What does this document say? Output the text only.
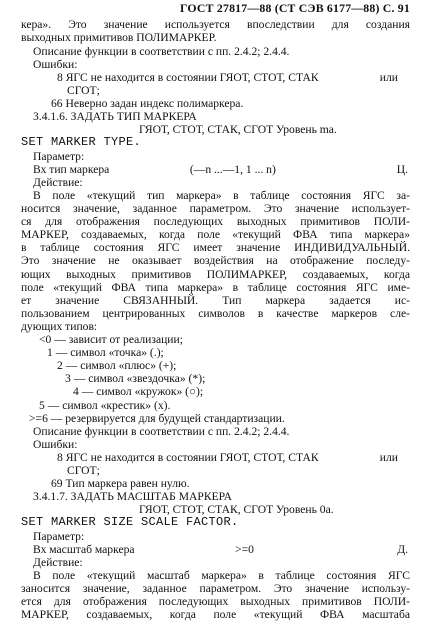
ГОСТ 27817—88 (СТ СЭВ 6177—88) С. 91
кера». Это значение используется впоследствии для создания
выходных примитивов ПОЛИМАРКЕР.
Описание функции в соответствии с пп. 2.4.2; 2.4.4.
Ошибки:
8 ЯГС не находится в состоянии ГЯОТ, СТОТ, СТАК	или
СГОТ;
66 Неверно задан индекс полимаркера.
3.4.1.6. ЗАДАТЬ ТИП МАРКЕРА
ГЯОТ, СТОТ, СТАК, СГОТ Уровень ma.
SET MARKER TYPE.
Параметр:
Вх тип маркера	(—n ...—1, 1 ... n)	Ц.
Действие:
В поле «текущий тип маркера» в таблице состояния ЯГС за-
носится значение, заданное параметром. Это значение использует-
ся для отображения последующих выходных примитивов ПОЛИ-
МАРКЕР, создаваемых, когда поле «текущий ФВА типа маркера»
в таблице состояния ЯГС имеет значение ИНДИВИДУАЛЬНЫЙ.
Это значение не оказывает воздействия на отображение последу-
ющих выходных примитивов ПОЛИМАРКЕР, создаваемых, когда
поле «текущий ФВА типа маркера» в таблице состояния ЯГС име-
ет значение СВЯЗАННЫЙ. Тип маркера задается ис-
пользованием центрированных символов в качестве маркеров сле-
дующих типов:
<0 — зависит от реализации;
1 — символ «точка» (.);
2 — символ «плюс» (+);
3 — символ «звездочка» (*);
4 — символ «кружок» (○);
5 — символ «крестик» (x).
>=6 — резервируется для будущей стандартизации.
Описание функции в соответствии с пп. 2.4.2; 2.4.4.
Ошибки:
8 ЯГС не находится в состоянии ГЯОТ, СТОТ, СТАК	или
СГОТ;
69 Тип маркера равен нулю.
3.4.1.7. ЗАДАТЬ МАСШТАБ МАРКЕРА
ГЯОТ, СТОТ, СТАК, СГОТ Уровень 0a.
SET MARKER SIZE SCALE FACTOR.
Параметр:
Вх масштаб маркера	>=0	Д.
Действие:
В поле «текущий масштаб маркера» в таблице состояния ЯГС
заносится значение, заданное параметром. Это значение использу-
ется для отображения последующих выходных примитивов ПОЛИ-
МАРКЕР, создаваемых, когда поле «текущий ФВА масштаба
